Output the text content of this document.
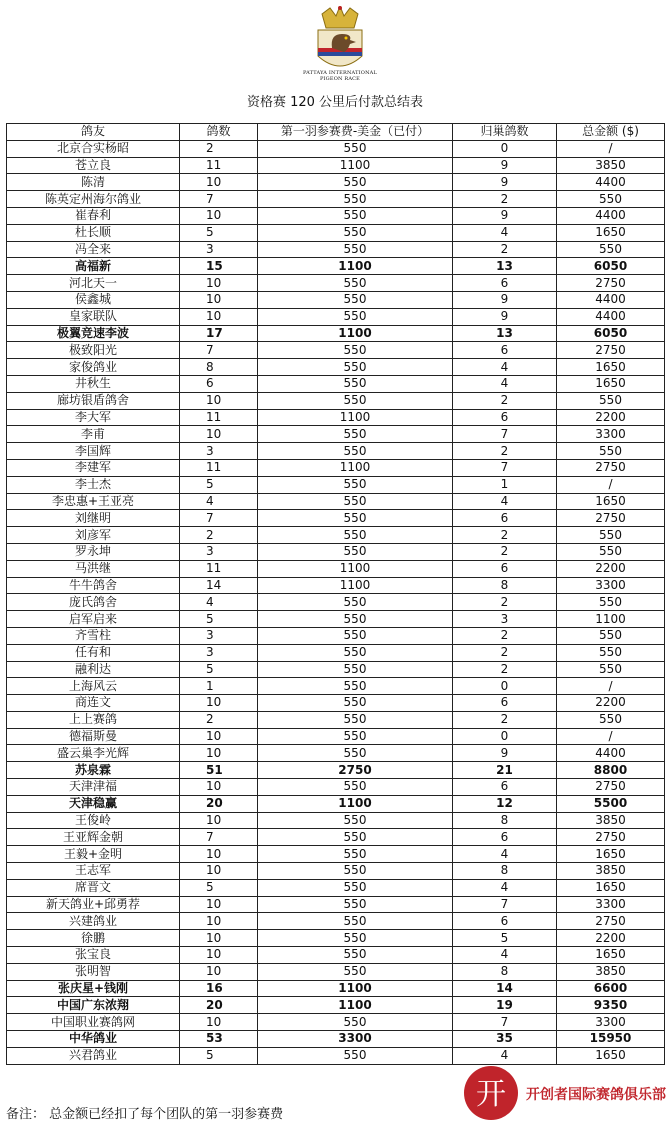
PATTAYA INTERNATIONAL
PIGEON RACE
资格赛 120 公里后付款总结表
鸽友	鸽数	第一羽参赛费-美金（已付）	归巢鸽数	总金额 ($)
北京合实杨昭	2	550	0	/
苍立良	11	1100	9	3850
陈清	10	550	9	4400
陈英定州海尔鸽业	7	550	2	550
崔春利	10	550	9	4400
杜长顺	5	550	4	1650
冯全来	3	550	2	550
高福新	15	1100	13	6050
河北天一	10	550	6	2750
侯鑫城	10	550	9	4400
皇家联队	10	550	9	4400
极翼竞速李波	17	1100	13	6050
极致阳光	7	550	6	2750
家俊鸽业	8	550	4	1650
井秋生	6	550	4	1650
廊坊银盾鸽舍	10	550	2	550
李大军	11	1100	6	2200
李甫	10	550	7	3300
李国辉	3	550	2	550
李建军	11	1100	7	2750
李士杰	5	550	1	/
李忠惠+王亚亮	4	550	4	1650
刘继明	7	550	6	2750
刘彦军	2	550	2	550
罗永坤	3	550	2	550
马洪继	11	1100	6	2200
牛牛鸽舍	14	1100	8	3300
庞氏鸽舍	4	550	2	550
启军启来	5	550	3	1100
齐雪柱	3	550	2	550
任有和	3	550	2	550
融利达	5	550	2	550
上海风云	1	550	0	/
商连文	10	550	6	2200
上上赛鸽	2	550	2	550
德福斯曼	10	550	0	/
盛云巢李光辉	10	550	9	4400
苏泉霖	51	2750	21	8800
天津津福	10	550	6	2750
天津稳赢	20	1100	12	5500
王俊岭	10	550	8	3850
王亚辉金朝	7	550	6	2750
王毅+金明	10	550	4	1650
王志军	10	550	8	3850
席晋文	5	550	4	1650
新天鸽业+邱勇荐	10	550	7	3300
兴建鸽业	10	550	6	2750
徐鹏	10	550	5	2200
张宝良	10	550	4	1650
张明智	10	550	8	3850
张庆星+钱刚	16	1100	14	6600
中国广东浓翔	20	1100	19	9350
中国职业赛鸽网	10	550	7	3300
中华鸽业	53	3300	35	15950
兴君鸽业	5	550	4	1650
备注： 总金额已经扣了每个团队的第一羽参赛费
开 开创者国际赛鸽俱乐部
